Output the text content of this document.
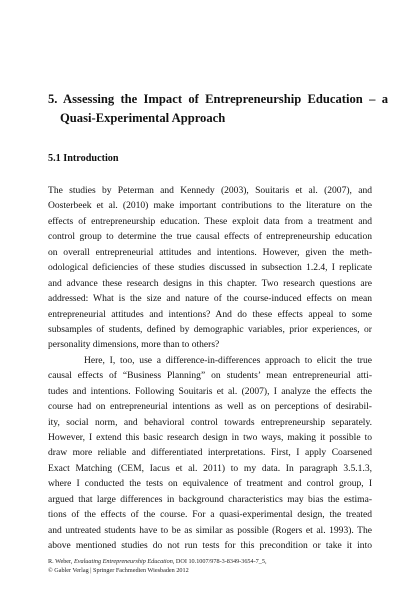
5. Assessing the Impact of Entrepreneurship Education – a
Quasi-Experimental Approach
5.1 Introduction
The studies by Peterman and Kennedy (2003), Souitaris et al. (2007), and
Oosterbeek et al. (2010) make important contributions to the literature on the
effects of entrepreneurship education. These exploit data from a treatment and
control group to determine the true causal effects of entrepreneurship education
on overall entrepreneurial attitudes and intentions. However, given the meth-
odological deficiencies of these studies discussed in subsection 1.2.4, I replicate
and advance these research designs in this chapter. Two research questions are
addressed: What is the size and nature of the course-induced effects on mean
entrepreneurial attitudes and intentions? And do these effects appeal to some
subsamples of students, defined by demographic variables, prior experiences, or
personality dimensions, more than to others?
Here, I, too, use a difference-in-differences approach to elicit the true
causal effects of “Business Planning” on students’ mean entrepreneurial atti-
tudes and intentions. Following Souitaris et al. (2007), I analyze the effects the
course had on entrepreneurial intentions as well as on perceptions of desirabil-
ity, social norm, and behavioral control towards entrepreneurship separately.
However, I extend this basic research design in two ways, making it possible to
draw more reliable and differentiated interpretations. First, I apply Coarsened
Exact Matching (CEM, Iacus et al. 2011) to my data. In paragraph 3.5.1.3,
where I conducted the tests on equivalence of treatment and control group, I
argued that large differences in background characteristics may bias the estima-
tions of the effects of the course. For a quasi-experimental design, the treated
and untreated students have to be as similar as possible (Rogers et al. 1993). The
above mentioned studies do not run tests for this precondition or take it into
R. Weber, Evaluating Entrepreneurship Education, DOI 10.1007/978-3-8349-3654-7_5,
© Gabler Verlag | Springer Fachmedien Wiesbaden 2012
